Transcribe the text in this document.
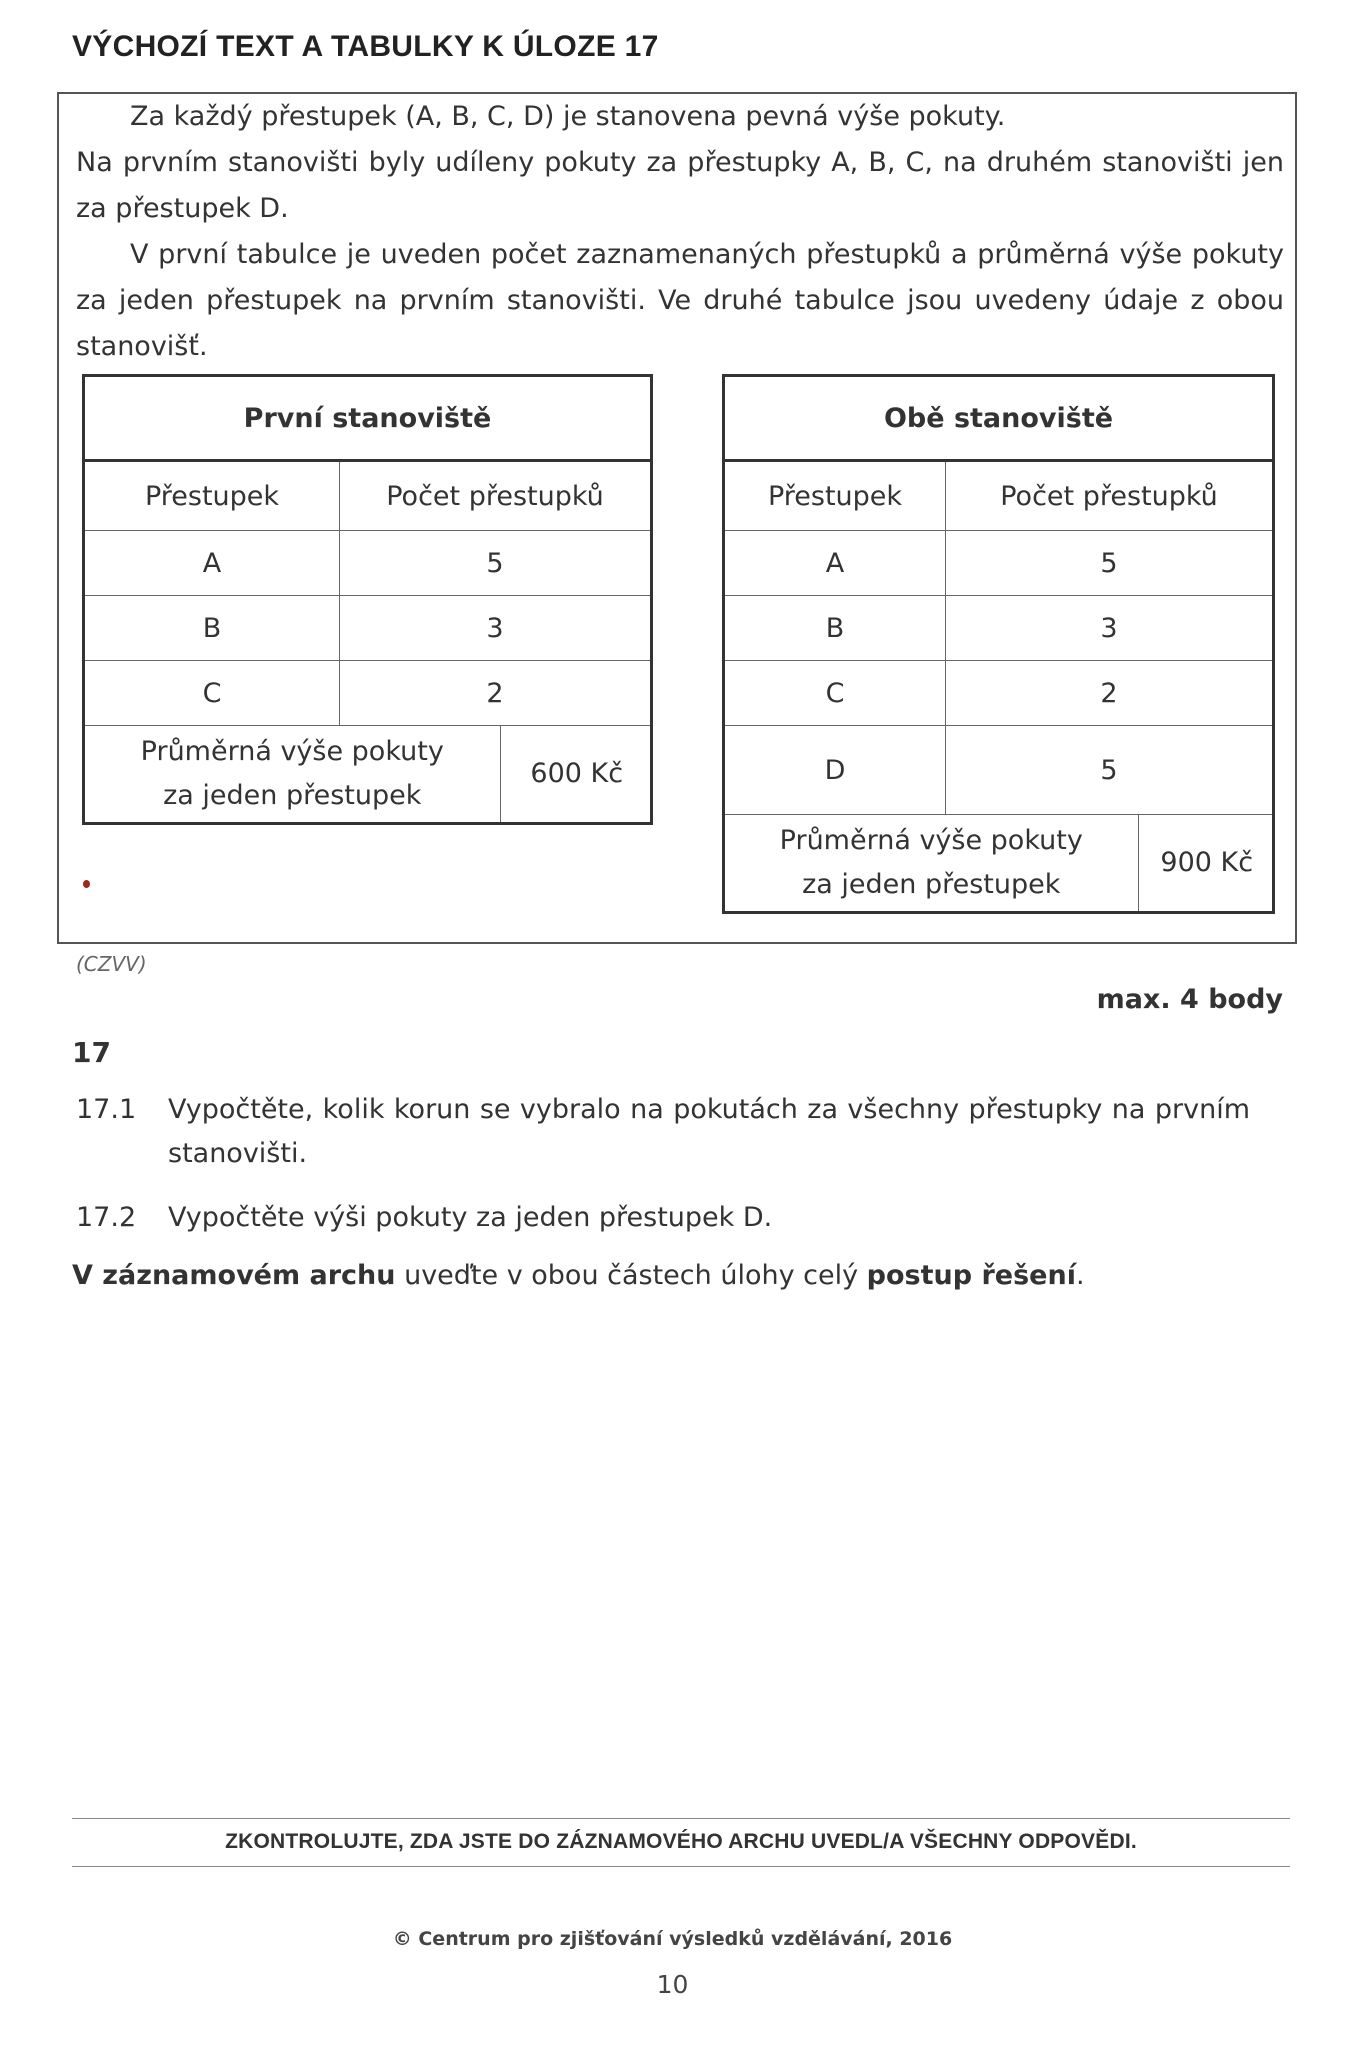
VÝCHOZÍ TEXT A TABULKY K ÚLOZE 17
Za každý přestupek (A, B, C, D) je stanovena pevná výše pokuty.
Na prvním stanovišti byly udíleny pokuty za přestupky A, B, C, na druhém stanovišti jen za přestupek D.
V první tabulce je uveden počet zaznamenaných přestupků a průměrná výše pokuty za jeden přestupek na prvním stanovišti. Ve druhé tabulce jsou uvedeny údaje z obou stanovišť.
První stanoviště
Přestupek	Počet přestupků
A	5
B	3
C	2

Průměrná výše pokuty
za jeden přestupek
	600 Kč
Obě stanoviště
Přestupek	Počet přestupků
A	5
B	3
C	2
D	5

Průměrná výše pokuty
za jeden přestupek
	900 Kč
(CZVV)
max. 4 body
17
17.1	Vypočtěte, kolik korun se vybralo na pokutách za všechny přestupky na prvním stanovišti.
17.2	Vypočtěte výši pokuty za jeden přestupek D.
V záznamovém archu uveďte v obou částech úlohy celý postup řešení.
ZKONTROLUJTE, ZDA JSTE DO ZÁZNAMOVÉHO ARCHU UVEDL/A VŠECHNY ODPOVĚDI.
© Centrum pro zjišťování výsledků vzdělávání, 2016
10
